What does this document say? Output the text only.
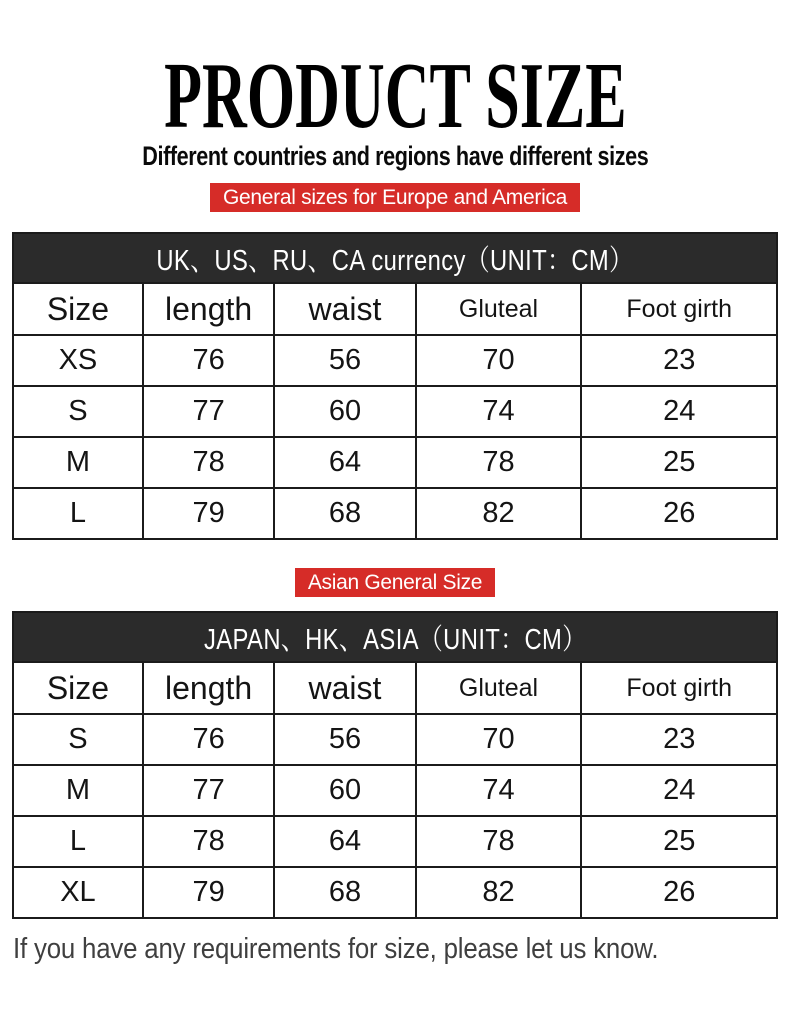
PRODUCT SIZE
Different countries and regions have different sizes
General sizes for Europe and America
UK、US、RU、CA currency（UNIT：CM）
Size	length	waist	Gluteal	Foot girth
XS	76	56	70	23
S	77	60	74	24
M	78	64	78	25
L	79	68	82	26
Asian General Size
JAPAN、HK、ASIA（UNIT：CM）
Size	length	waist	Gluteal	Foot girth
S	76	56	70	23
M	77	60	74	24
L	78	64	78	25
XL	79	68	82	26
If you have any requirements for size, please let us know.
